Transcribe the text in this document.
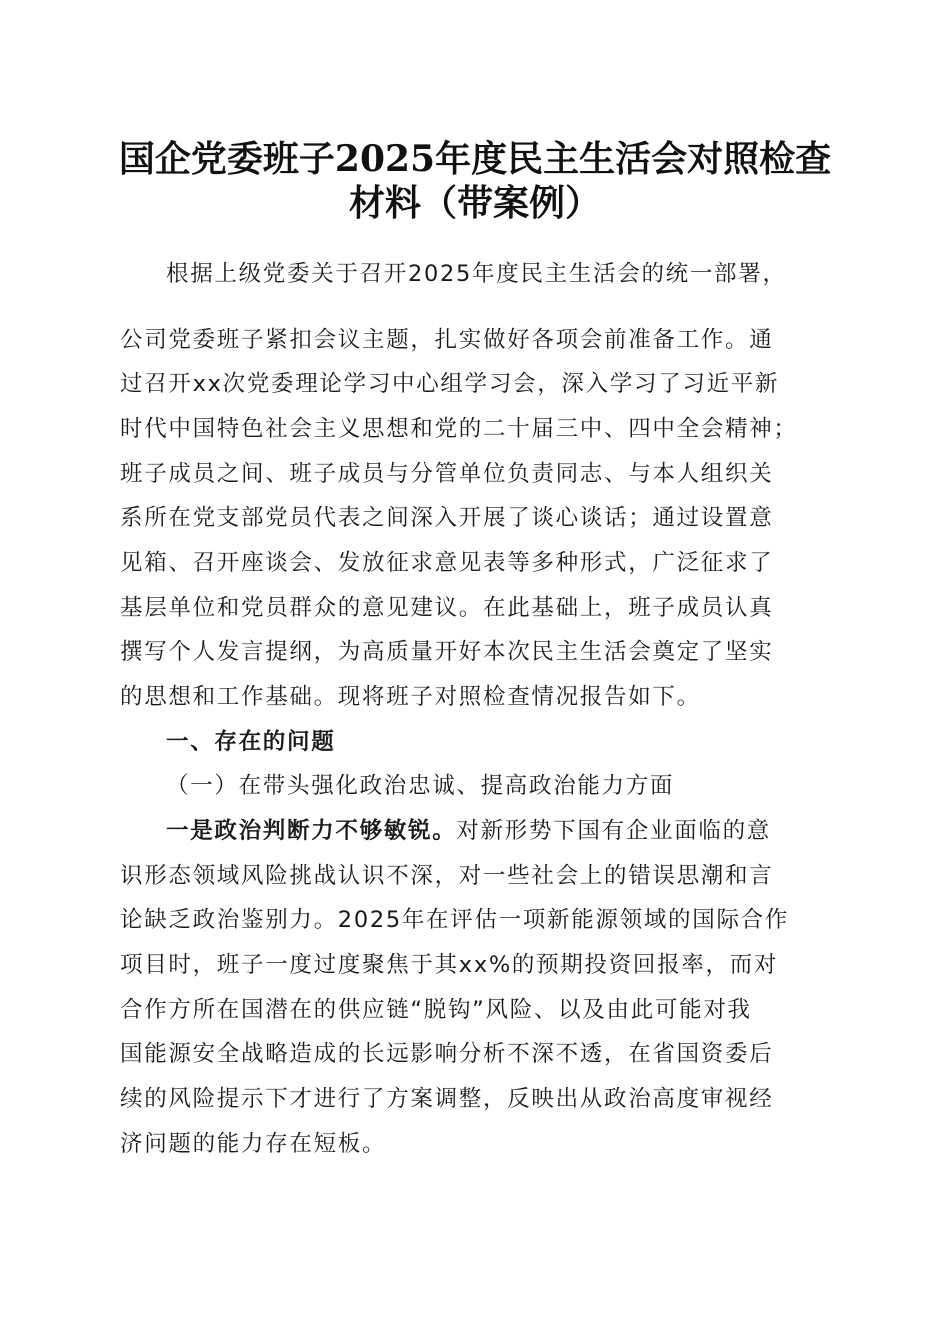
国企党委班子2025年度民主生活会对照检查
材料（带案例）
根据上级党委关于召开2025年度民主生活会的统一部署，
公司党委班子紧扣会议主题，扎实做好各项会前准备工作。通
过召开xx次党委理论学习中心组学习会，深入学习了习近平新
时代中国特色社会主义思想和党的二十届三中、四中全会精神；
班子成员之间、班子成员与分管单位负责同志、与本人组织关
系所在党支部党员代表之间深入开展了谈心谈话；通过设置意
见箱、召开座谈会、发放征求意见表等多种形式，广泛征求了
基层单位和党员群众的意见建议。在此基础上，班子成员认真
撰写个人发言提纲，为高质量开好本次民主生活会奠定了坚实
的思想和工作基础。现将班子对照检查情况报告如下。
一、存在的问题
（一）在带头强化政治忠诚、提高政治能力方面
一是政治判断力不够敏锐。对新形势下国有企业面临的意
识形态领域风险挑战认识不深，对一些社会上的错误思潮和言
论缺乏政治鉴别力。2025年在评估一项新能源领域的国际合作
项目时，班子一度过度聚焦于其xx%的预期投资回报率，而对
合作方所在国潜在的供应链“脱钩”风险、以及由此可能对我
国能源安全战略造成的长远影响分析不深不透，在省国资委后
续的风险提示下才进行了方案调整，反映出从政治高度审视经
济问题的能力存在短板。
